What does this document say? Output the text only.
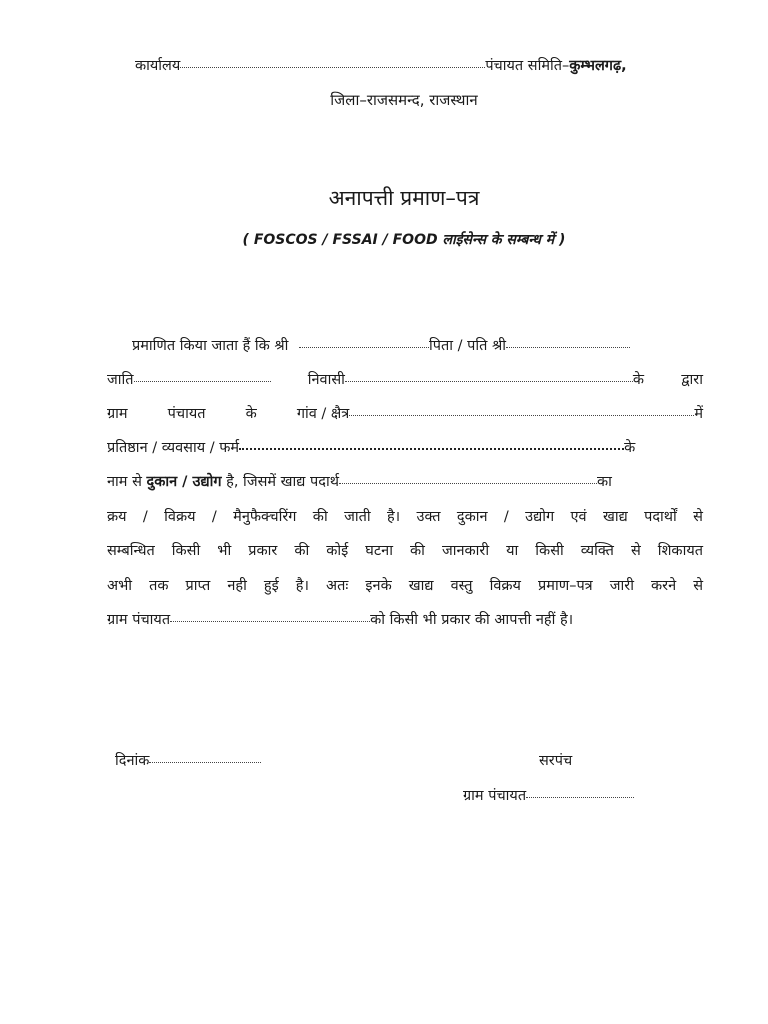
कार्यालय	पंचायत समिति–कुम्भलगढ़,
जिला–राजसमन्द, राजस्थान
अनापत्ती प्रमाण–पत्र
( FOSCOS / FSSAI / FOOD लाईसेन्स के सम्बन्ध में )
प्रमाणित किया जाता हैं कि श्री	पिता / पति श्री
जाति	निवासी	के	द्वारा
ग्राम	पंचायत	के	गांव / क्षैत्र	में
प्रतिष्ठान / व्यवसाय / फर्म	के
नाम से दुकान / उद्योग है, जिसमें खाद्य पदार्थ	का
क्रय / विक्रय / मैनुफैक्चरिंग की जाती है। उक्त दुकान / उद्योग एवं खाद्य पदार्थों से
सम्बन्धित किसी भी प्रकार की कोई घटना की जानकारी या किसी व्यक्ति से शिकायत
अभी तक प्राप्त नही हुई है। अतः इनके खाद्य वस्तु विक्रय प्रमाण–पत्र जारी करने से
ग्राम पंचायत	को किसी भी प्रकार की आपत्ती नहीं है।
दिनांक	सरपंच
ग्राम पंचायत
